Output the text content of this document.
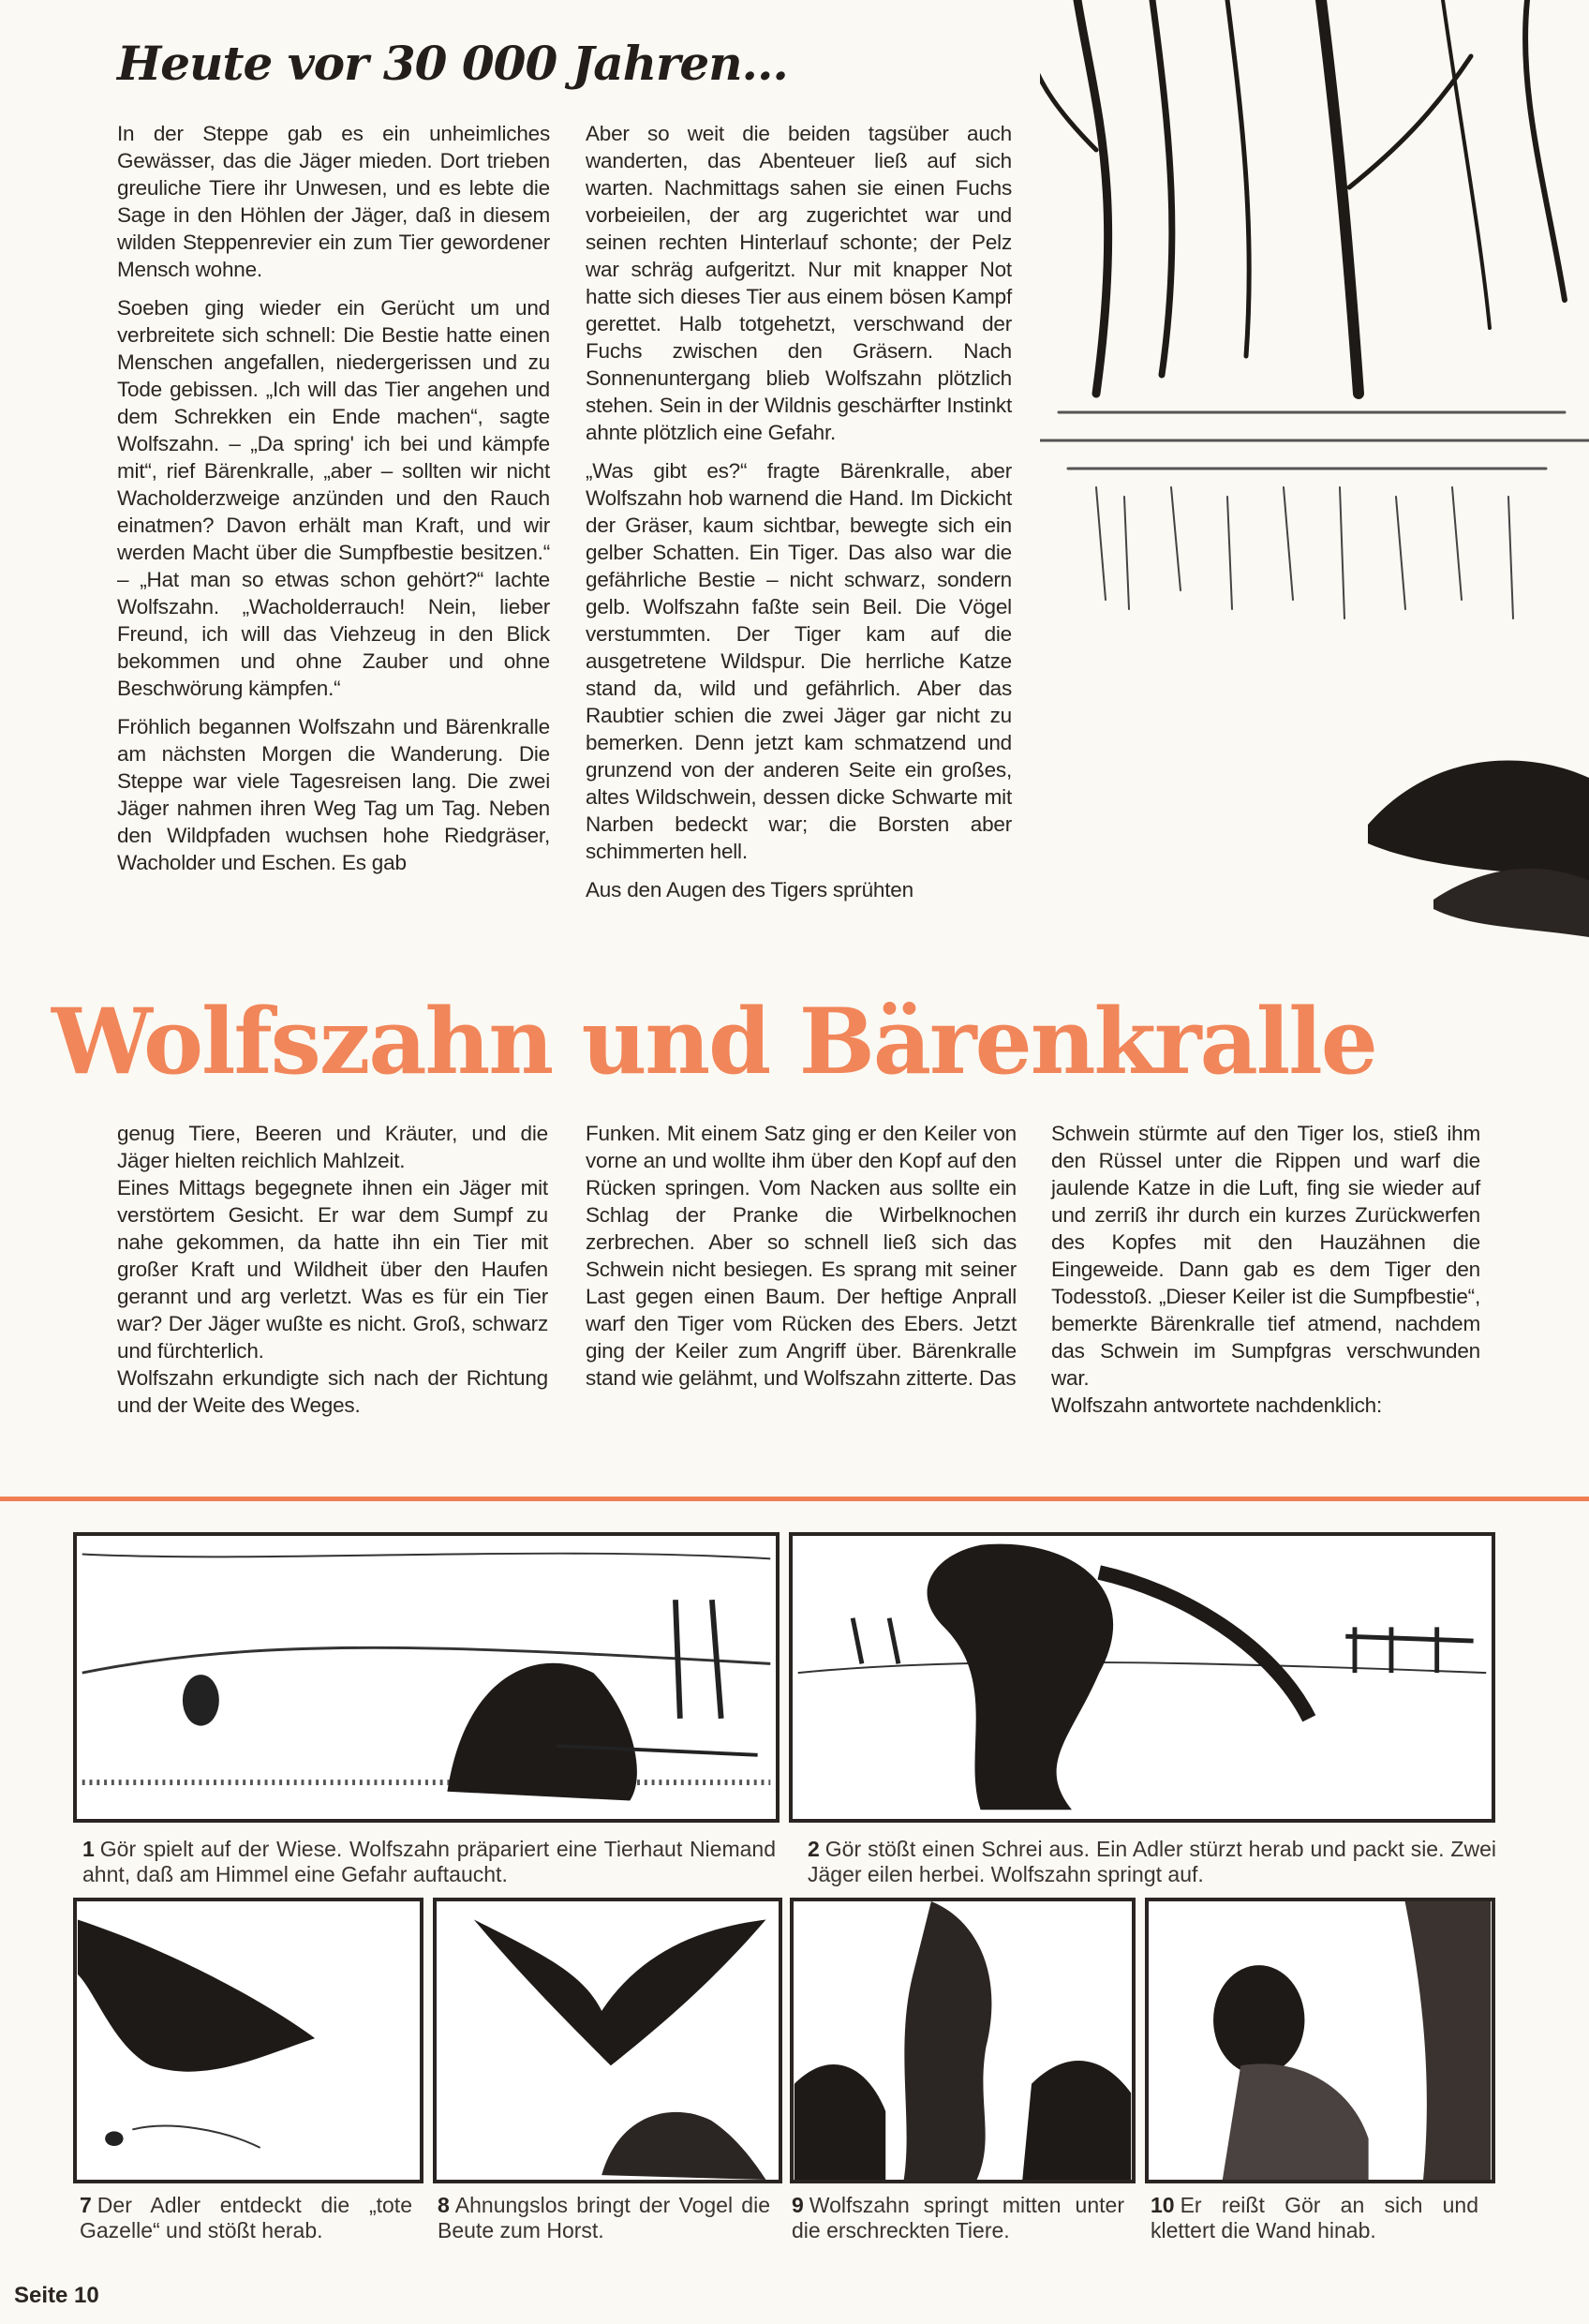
Heute vor 30 000 Jahren...

In der Steppe gab es ein unheimliches Gewässer, das die Jäger mieden. Dort trieben greuliche Tiere ihr Unwesen, und es lebte die Sage in den Höhlen der Jäger, daß in diesem wilden Steppenrevier ein zum Tier gewordener Mensch wohne.

Soeben ging wieder ein Gerücht um und verbreitete sich schnell: Die Bestie hatte einen Menschen angefallen, niedergerissen und zu Tode gebissen. „Ich will das Tier angehen und dem Schrekken ein Ende machen“, sagte Wolfszahn. – „Da spring' ich bei und kämpfe mit“, rief Bärenkralle, „aber – sollten wir nicht Wacholderzweige anzünden und den Rauch einatmen? Davon erhält man Kraft, und wir werden Macht über die Sumpfbestie besitzen.“ – „Hat man so etwas schon gehört?“ lachte Wolfszahn. „Wacholderrauch! Nein, lieber Freund, ich will das Viehzeug in den Blick bekommen und ohne Zauber und ohne Beschwörung kämpfen.“

Fröhlich begannen Wolfszahn und Bärenkralle am nächsten Morgen die Wanderung. Die Steppe war viele Tagesreisen lang. Die zwei Jäger nahmen ihren Weg Tag um Tag. Neben den Wildpfaden wuchsen hohe Riedgräser, Wacholder und Eschen. Es gab

Aber so weit die beiden tagsüber auch wanderten, das Abenteuer ließ auf sich warten. Nachmittags sahen sie einen Fuchs vorbeieilen, der arg zugerichtet war und seinen rechten Hinterlauf schonte; der Pelz war schräg aufgeritzt. Nur mit knapper Not hatte sich dieses Tier aus einem bösen Kampf gerettet. Halb totgehetzt, verschwand der Fuchs zwischen den Gräsern. Nach Sonnenuntergang blieb Wolfszahn plötzlich stehen. Sein in der Wildnis geschärfter Instinkt ahnte plötzlich eine Gefahr.

„Was gibt es?“ fragte Bärenkralle, aber Wolfszahn hob warnend die Hand. Im Dickicht der Gräser, kaum sichtbar, bewegte sich ein gelber Schatten. Ein Tiger. Das also war die gefährliche Bestie – nicht schwarz, sondern gelb. Wolfszahn faßte sein Beil. Die Vögel verstummten. Der Tiger kam auf die ausgetretene Wildspur. Die herrliche Katze stand da, wild und gefährlich. Aber das Raubtier schien die zwei Jäger gar nicht zu bemerken. Denn jetzt kam schmatzend und grunzend von der anderen Seite ein großes, altes Wildschwein, dessen dicke Schwarte mit Narben bedeckt war; die Borsten aber schimmerten hell.

Aus den Augen des Tigers sprühten

Wolfszahn und Bärenkralle

genug Tiere, Beeren und Kräuter, und die Jäger hielten reichlich Mahlzeit.

Eines Mittags begegnete ihnen ein Jäger mit verstörtem Gesicht. Er war dem Sumpf zu nahe gekommen, da hatte ihn ein Tier mit großer Kraft und Wildheit über den Haufen gerannt und arg verletzt. Was es für ein Tier war? Der Jäger wußte es nicht. Groß, schwarz und fürchterlich.

Wolfszahn erkundigte sich nach der Richtung und der Weite des Weges.

Funken. Mit einem Satz ging er den Keiler von vorne an und wollte ihm über den Kopf auf den Rücken springen. Vom Nacken aus sollte ein Schlag der Pranke die Wirbelknochen zerbrechen. Aber so schnell ließ sich das Schwein nicht besiegen. Es sprang mit seiner Last gegen einen Baum. Der heftige Anprall warf den Tiger vom Rücken des Ebers. Jetzt ging der Keiler zum Angriff über. Bärenkralle stand wie gelähmt, und Wolfszahn zitterte. Das

Schwein stürmte auf den Tiger los, stieß ihm den Rüssel unter die Rippen und warf die jaulende Katze in die Luft, fing sie wieder auf und zerriß ihr durch ein kurzes Zurückwerfen des Kopfes mit den Hauzähnen die Eingeweide. Dann gab es dem Tiger den Todesstoß. „Dieser Keiler ist die Sumpfbestie“, bemerkte Bärenkralle tief atmend, nachdem das Schwein im Sumpfgras verschwunden war.

Wolfszahn antwortete nachdenklich:

1 Gör spielt auf der Wiese. Wolfszahn präpariert eine Tierhaut Niemand ahnt, daß am Himmel eine Gefahr auftaucht.
2 Gör stößt einen Schrei aus. Ein Adler stürzt herab und packt sie. Zwei Jäger eilen herbei. Wolfszahn springt auf.
7 Der Adler entdeckt die „tote Gazelle“ und stößt herab.
8 Ahnungslos bringt der Vogel die Beute zum Horst.
9 Wolfszahn springt mitten unter die erschreckten Tiere.
10 Er reißt Gör an sich und klettert die Wand hinab.
Seite 10
